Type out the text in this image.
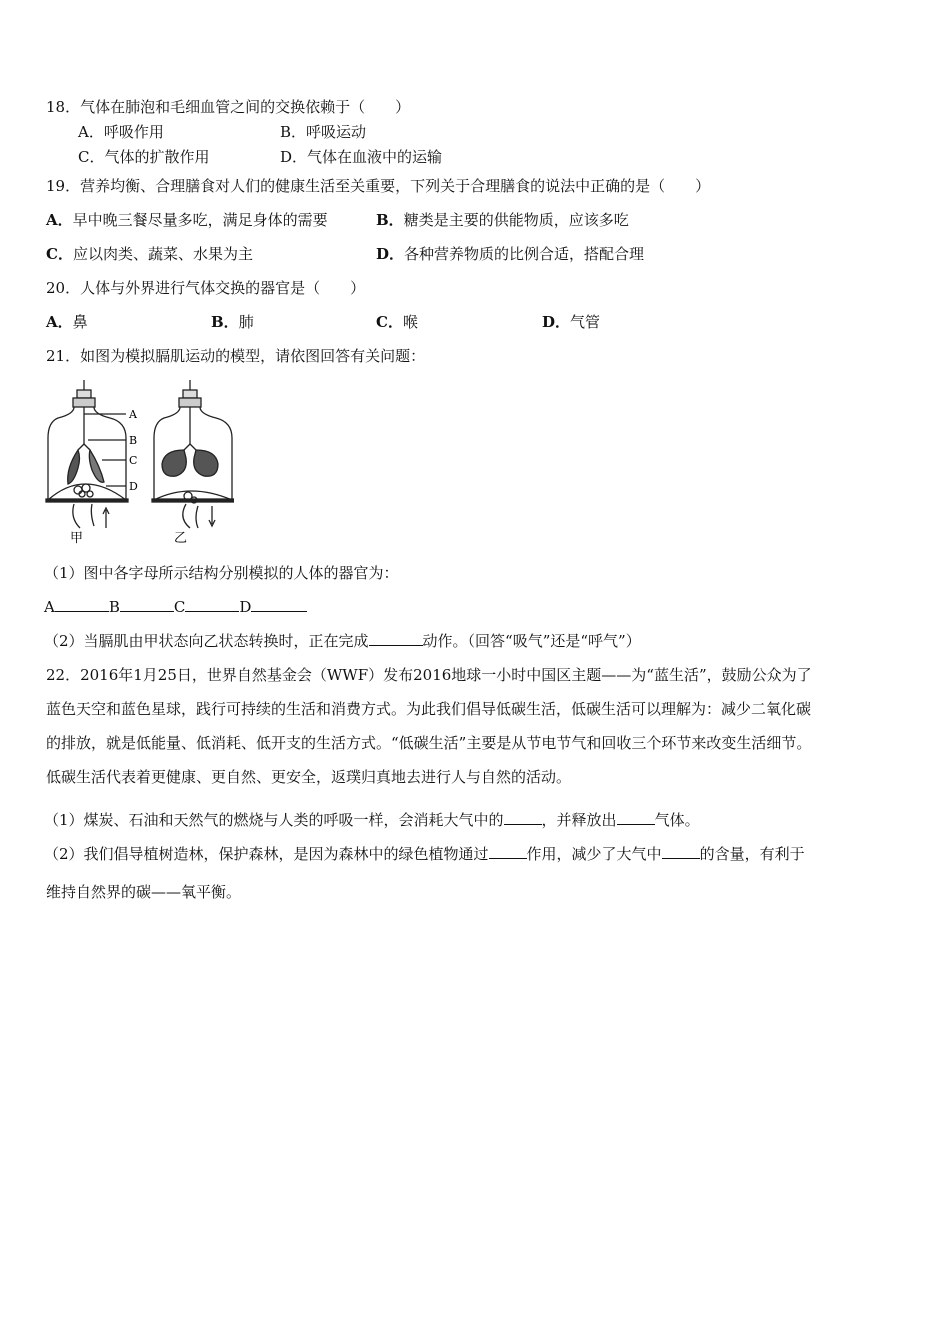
18．气体在肺泡和毛细血管之间的交换依赖于（　　）
A．呼吸作用	B．呼吸运动
C．气体的扩散作用	D．气体在血液中的运输
19．营养均衡、合理膳食对人们的健康生活至关重要，下列关于合理膳食的说法中正确的是（　　）
A．早中晚三餐尽量多吃，满足身体的需要	B．糖类是主要的供能物质，应该多吃
C．应以肉类、蔬菜、水果为主	D．各种营养物质的比例合适，搭配合理
20．人体与外界进行气体交换的器官是（　　）
A．鼻	B．肺	C．喉	D．气管
21．如图为模拟膈肌运动的模型，请依图回答有关问题：
A
B
C
D
甲	乙
（1）图中各字母所示结构分别模拟的人体的器官为：
A	B	C	D
（2）当膈肌由甲状态向乙状态转换时，正在完成	动作。（回答“吸气”还是“呼气”）
22．2016年1月25日，世界自然基金会（WWF）发布2016地球一小时中国区主题——为“蓝生活”，鼓励公众为了
蓝色天空和蓝色星球，践行可持续的生活和消费方式。为此我们倡导低碳生活，低碳生活可以理解为：减少二氧化碳
的排放，就是低能量、低消耗、低开支的生活方式。“低碳生活”主要是从节电节气和回收三个环节来改变生活细节。
低碳生活代表着更健康、更自然、更安全，返璞归真地去进行人与自然的活动。
（1）煤炭、石油和天然气的燃烧与人类的呼吸一样，会消耗大气中的	，并释放出	气体。
（2）我们倡导植树造林，保护森林，是因为森林中的绿色植物通过	作用，减少了大气中	的含量，有利于
维持自然界的碳——氧平衡。
